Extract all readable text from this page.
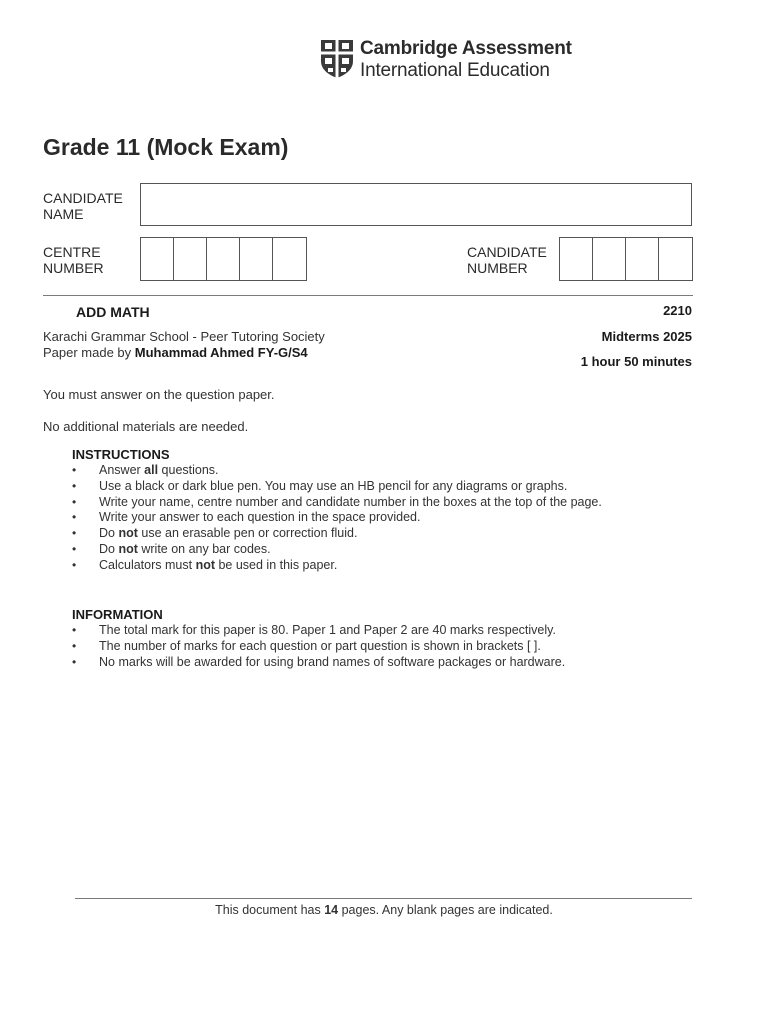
Cambridge Assessment
International Education
Grade 11 (Mock Exam)
CANDIDATE
NAME
CENTRE
NUMBER
CANDIDATE
NUMBER
ADD MATH	2210
Karachi Grammar School - Peer Tutoring Society
Paper made by Muhammad Ahmed FY-G/S4
Midterms 2025
1 hour 50 minutes
You must answer on the question paper.
No additional materials are needed.
INSTRUCTIONS
• Answer all questions.
• Use a black or dark blue pen. You may use an HB pencil for any diagrams or graphs.
• Write your name, centre number and candidate number in the boxes at the top of the page.
• Write your answer to each question in the space provided.
• Do not use an erasable pen or correction fluid.
• Do not write on any bar codes.
• Calculators must not be used in this paper.
INFORMATION
• The total mark for this paper is 80. Paper 1 and Paper 2 are 40 marks respectively.
• The number of marks for each question or part question is shown in brackets [ ].
• No marks will be awarded for using brand names of software packages or hardware.
This document has 14 pages. Any blank pages are indicated.
